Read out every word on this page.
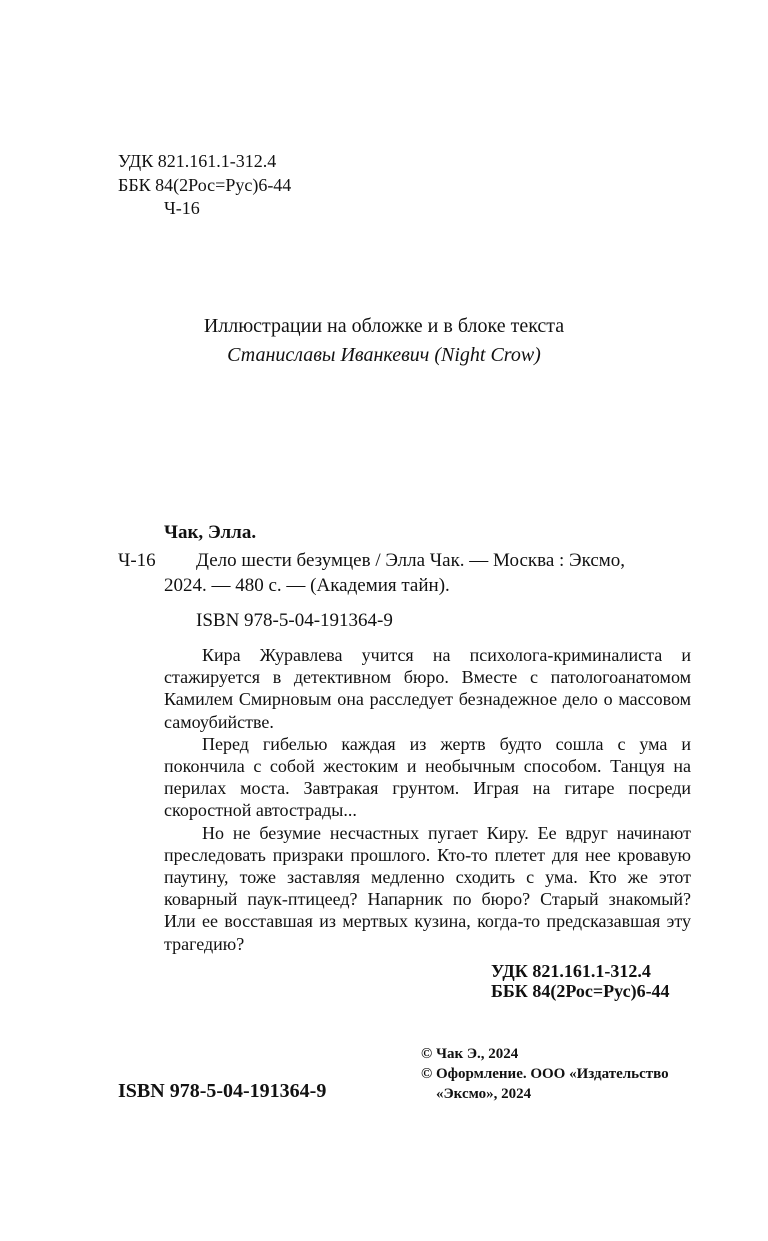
УДК 821.161.1-312.4
ББК 84(2Рос=Рус)6-44
Ч-16
Иллюстрации на обложке и в блоке текста
Станиславы Иванкевич (Night Crow)
Чак, Элла.
Ч-16 Дело шести безумцев / Элла Чак. — Москва : Эксмо,
2024. — 480 с. — (Академия тайн).
ISBN 978-5-04-191364-9

Кира Журавлева учится на психолога-криминалиста и стажируется в детективном бюро. Вместе с патологоанатомом Камилем Смирновым она расследует безнадежное дело о массовом самоубийстве.

Перед гибелью каждая из жертв будто сошла с ума и покончила с собой жестоким и необычным способом. Танцуя на перилах моста. Завтракая грунтом. Играя на гитаре посреди скоростной автострады...

Но не безумие несчастных пугает Киру. Ее вдруг начинают преследовать призраки прошлого. Кто-то плетет для нее кровавую паутину, тоже заставляя медленно сходить с ума. Кто же этот коварный паук-птицеед? Напарник по бюро? Старый знакомый? Или ее восставшая из мертвых кузина, когда-то предсказавшая эту трагедию?

УДК 821.161.1-312.4
ББК 84(2Рос=Рус)6-44
© Чак Э., 2024
© Оформление. ООО «Издательство
«Эксмо», 2024
ISBN 978-5-04-191364-9
